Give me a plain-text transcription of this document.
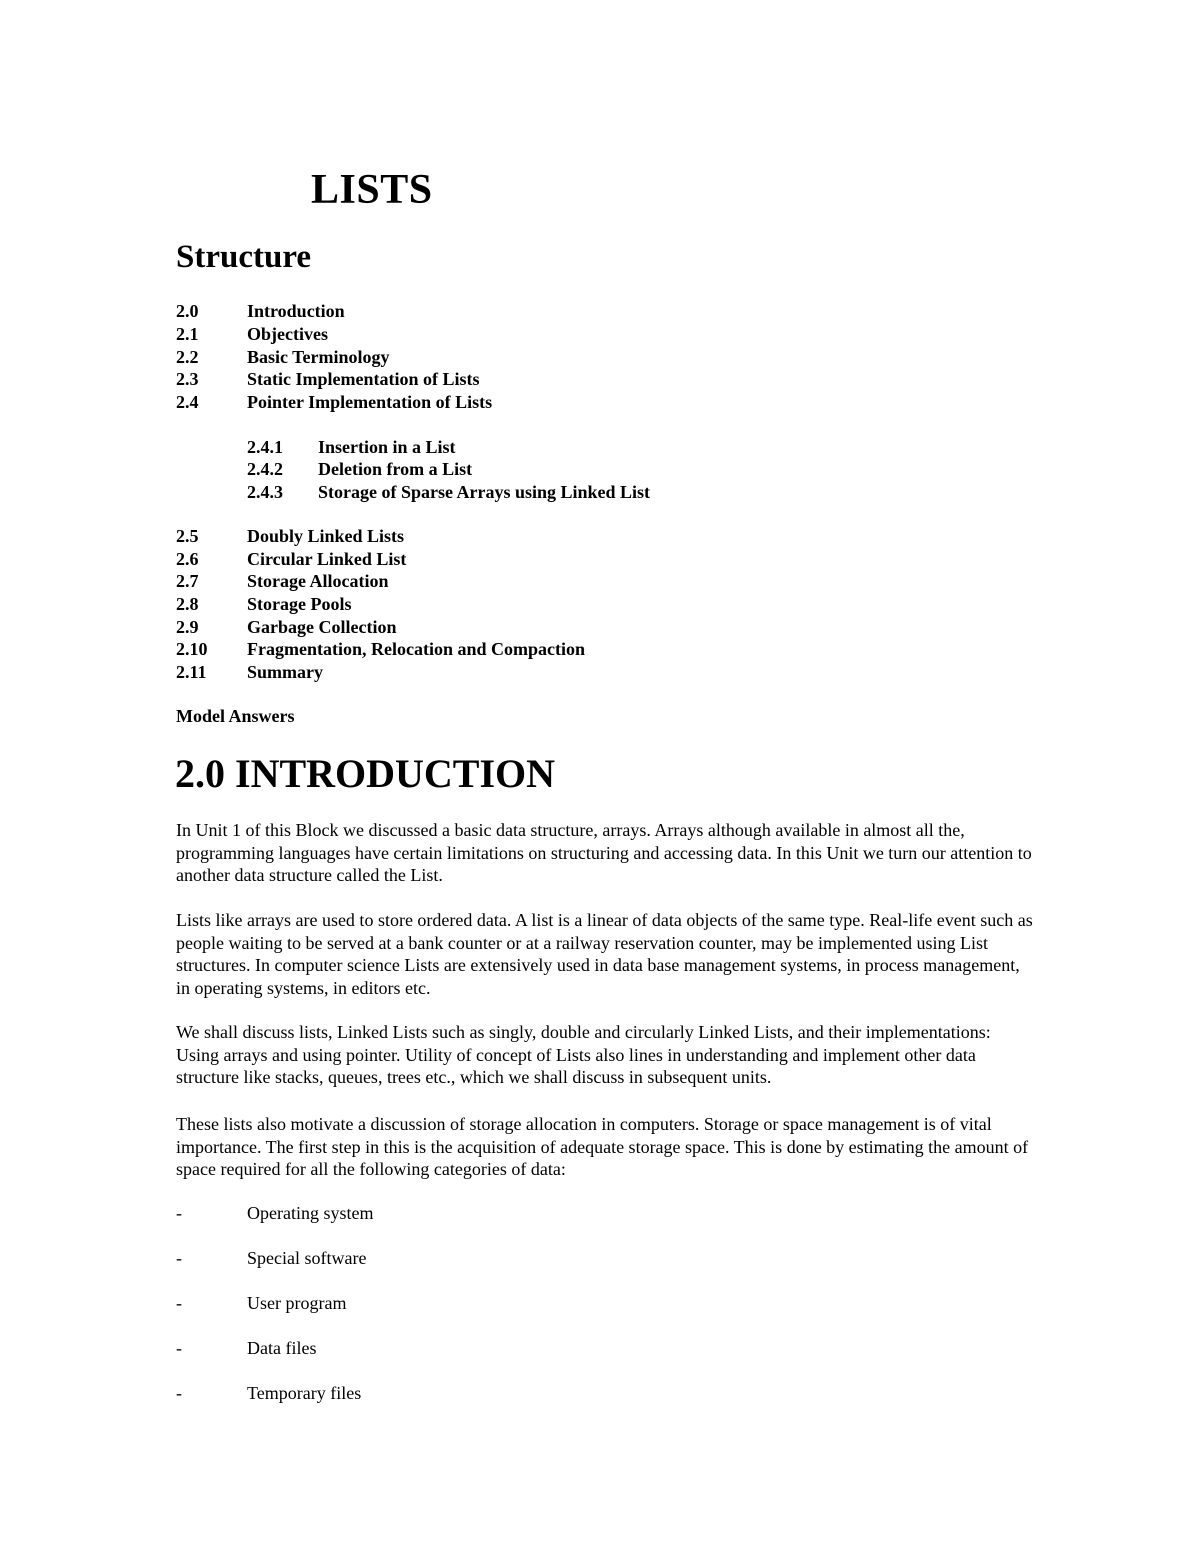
LISTS
Structure
2.0	Introduction
2.1	Objectives
2.2	Basic Terminology
2.3	Static Implementation of Lists
2.4	Pointer Implementation of Lists
2.4.1 Insertion in a List
2.4.2 Deletion from a List
2.4.3 Storage of Sparse Arrays using Linked List
2.5	Doubly Linked Lists
2.6	Circular Linked List
2.7	Storage Allocation
2.8	Storage Pools
2.9	Garbage Collection
2.10 Fragmentation, Relocation and Compaction
2.11 Summary
Model Answers
2.0 INTRODUCTION

In Unit 1 of this Block we discussed a basic data structure, arrays. Arrays although available in almost all the, programming languages have certain limitations on structuring and accessing data. In this Unit we turn our attention to another data structure called the List.

Lists like arrays are used to store ordered data. A list is a linear of data objects of the same type. Real-life event such as people waiting to be served at a bank counter or at a railway reservation counter, may be implemented using List structures. In computer science Lists are extensively used in data base management systems, in process management, in operating systems, in editors etc.

We shall discuss lists, Linked Lists such as singly, double and circularly Linked Lists, and their implementations: Using arrays and using pointer. Utility of concept of Lists also lines in understanding and implement other data structure like stacks, queues, trees etc., which we shall discuss in subsequent units.

These lists also motivate a discussion of storage allocation in computers. Storage or space management is of vital importance. The first step in this is the acquisition of adequate storage space. This is done by estimating the amount of space required for all the following categories of data:

-	Operating system
-	Special software
-	User program
-	Data files
-	Temporary files
